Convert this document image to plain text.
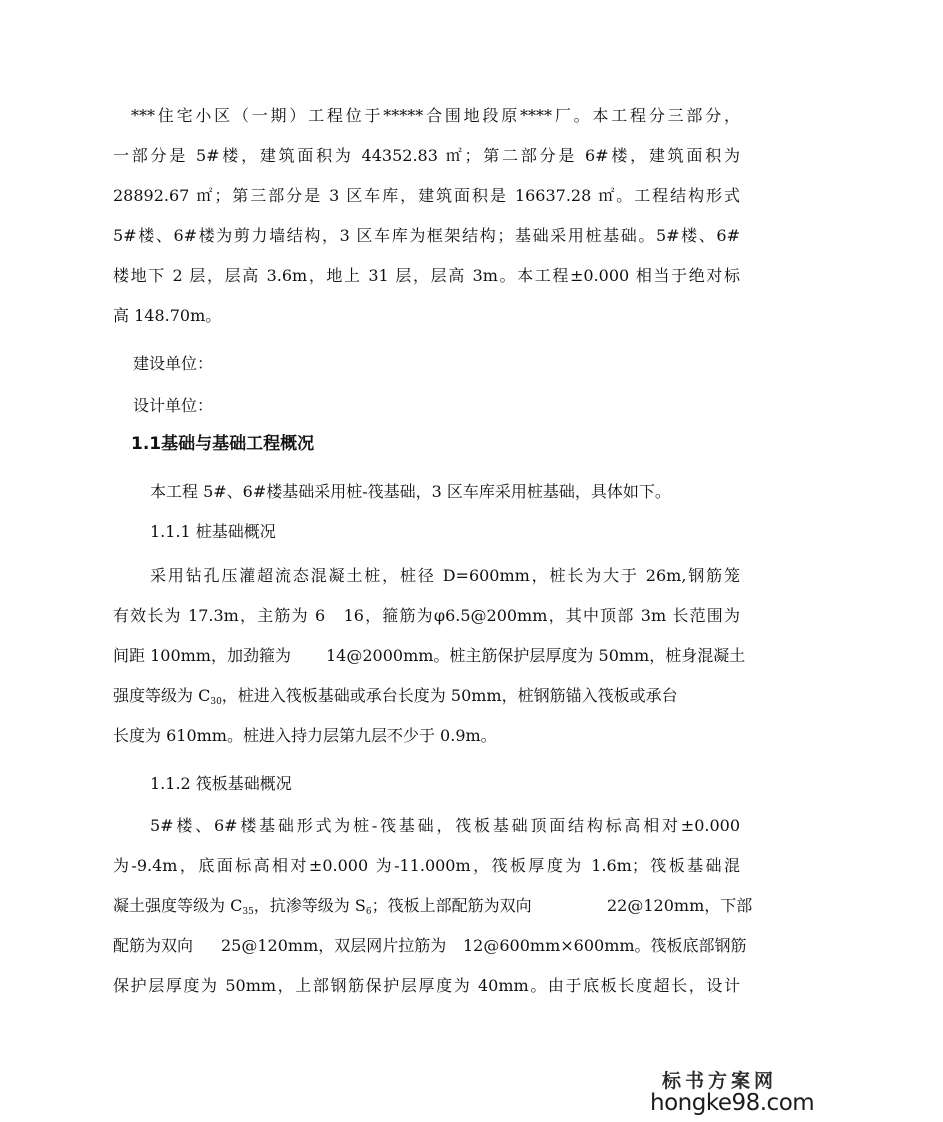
***住宅小区（一期）工程位于*****合围地段原****厂。本工程分三部分，
一部分是 5#楼，建筑面积为 44352.83 ㎡；第二部分是 6#楼，建筑面积为
28892.67 ㎡；第三部分是 3 区车库，建筑面积是 16637.28 ㎡。工程结构形式
5#楼、6#楼为剪力墙结构，3 区车库为框架结构；基础采用桩基础。5#楼、6#
楼地下 2 层，层高 3.6m，地上 31 层，层高 3m。本工程±0.000 相当于绝对标
高 148.70m。
建设单位：
设计单位：
1.1基础与基础工程概况
本工程 5#、6#楼基础采用桩-筏基础，3 区车库采用桩基础，具体如下。
1.1.1 桩基础概况
采用钻孔压灌超流态混凝土桩，桩径 D=600mm，桩长为大于 26m,钢筋笼
有效长为 17.3m，主筋为 6　16，箍筋为φ6.5@200mm，其中顶部 3m 长范围为
间距 100mm，加劲箍为 14@2000mm。桩主筋保护层厚度为 50mm，桩身混凝土
强度等级为 $C_{30}$，桩进入筏板基础或承台长度为 50mm，桩钢筋锚入筏板或承台
长度为 610mm。桩进入持力层第九层不少于 0.9m。
1.1.2 筏板基础概况
5#楼、6#楼基础形式为桩-筏基础，筏板基础顶面结构标高相对±0.000
为-9.4m，底面标高相对±0.000 为-11.000m，筏板厚度为 1.6m；筏板基础混
凝土强度等级为 $C_{35}$，抗渗等级为 $S_6$；筏板上部配筋为双向	22@120mm，下部
配筋为双向 25@120mm，双层网片拉筋为 12@600mm×600mm。筏板底部钢筋
保护层厚度为 50mm，上部钢筋保护层厚度为 40mm。由于底板长度超长，设计
标书方案网
hongke98.com
